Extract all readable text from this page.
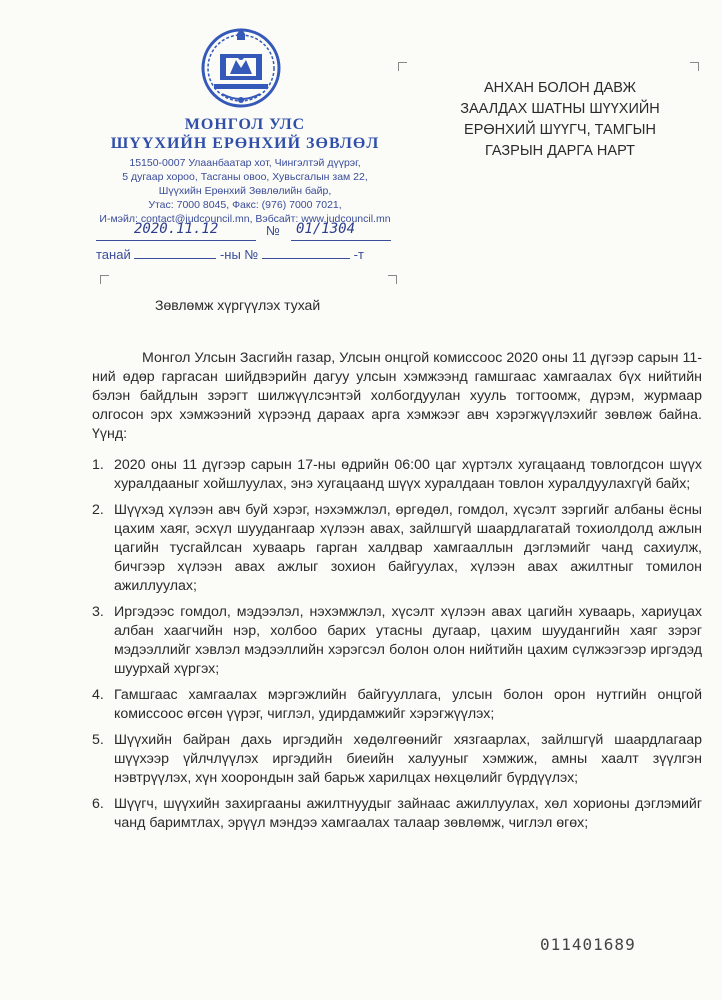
МОНГОЛ УЛС
ШҮҮХИЙН ЕРӨНХИЙ ЗӨВЛӨЛ
15150-0007 Улаанбаатар хот, Чингэлтэй дүүрэг,
5 дугаар хороо, Тасганы овоо, Хувьсгалын зам 22,
Шүүхийн Ерөнхий Зөвлөлийн байр,
Утас: 7000 8045, Факс: (976) 7000 7021,
И-мэйл: contact@judcouncil.mn, Вэбсайт: www.judcouncil.mn
2020.11.12	№ 01/1304
танай	-ны №	-т
АНХАН БОЛОН ДАВЖ
ЗААЛДАХ ШАТНЫ ШҮҮХИЙН
ЕРӨНХИЙ ШҮҮГЧ, ТАМГЫН
ГАЗРЫН ДАРГА НАРТ
Зөвлөмж хүргүүлэх тухай

Монгол Улсын Засгийн газар, Улсын онцгой комиссоос 2020 оны 11 дүгээр сарын 11-ний өдөр гаргасан шийдвэрийн дагуу улсын хэмжээнд гамшгаас хамгаалах бүх нийтийн бэлэн байдлын зэрэгт шилжүүлсэнтэй холбогдуулан хууль тогтоомж, дүрэм, журмаар олгосон эрх хэмжээний хүрээнд дараах арга хэмжээг авч хэрэгжүүлэхийг зөвлөж байна. Үүнд:

1. 2020 оны 11 дүгээр сарын 17-ны өдрийн 06:00 цаг хүртэлх хугацаанд товлогдсон шүүх хуралдааныг хойшлуулах, энэ хугацаанд шүүх хуралдаан товлон хуралдуулахгүй байх;
2. Шүүхэд хүлээн авч буй хэрэг, нэхэмжлэл, өргөдөл, гомдол, хүсэлт зэргийг албаны ёсны цахим хаяг, эсхүл шуудангаар хүлээн авах, зайлшгүй шаардлагатай тохиолдолд ажлын цагийн тусгайлсан хуваарь гарган халдвар хамгааллын дэглэмийг чанд сахиулж, бичгээр хүлээн авах ажлыг зохион байгуулах, хүлээн авах ажилтныг томилон ажиллуулах;
3. Иргэдээс гомдол, мэдээлэл, нэхэмжлэл, хүсэлт хүлээн авах цагийн хуваарь, хариуцах албан хаагчийн нэр, холбоо барих утасны дугаар, цахим шуудангийн хаяг зэрэг мэдээллийг хэвлэл мэдээллийн хэрэгсэл болон олон нийтийн цахим сүлжээгээр иргэдэд шуурхай хүргэх;
4. Гамшгаас хамгаалах мэргэжлийн байгууллага, улсын болон орон нутгийн онцгой комиссоос өгсөн үүрэг, чиглэл, удирдамжийг хэрэгжүүлэх;
5. Шүүхийн байран дахь иргэдийн хөдөлгөөнийг хязгаарлах, зайлшгүй шаардлагаар шүүхээр үйлчлүүлэх иргэдийн биеийн халууныг хэмжиж, амны хаалт зүүлгэн нэвтрүүлэх, хүн хоорондын зай барьж харилцах нөхцөлийг бүрдүүлэх;
6. Шүүгч, шүүхийн захиргааны ажилтнуудыг зайнаас ажиллуулах, хөл хорионы дэглэмийг чанд баримтлах, эрүүл мэндээ хамгаалах талаар зөвлөмж, чиглэл өгөх;
011401689
